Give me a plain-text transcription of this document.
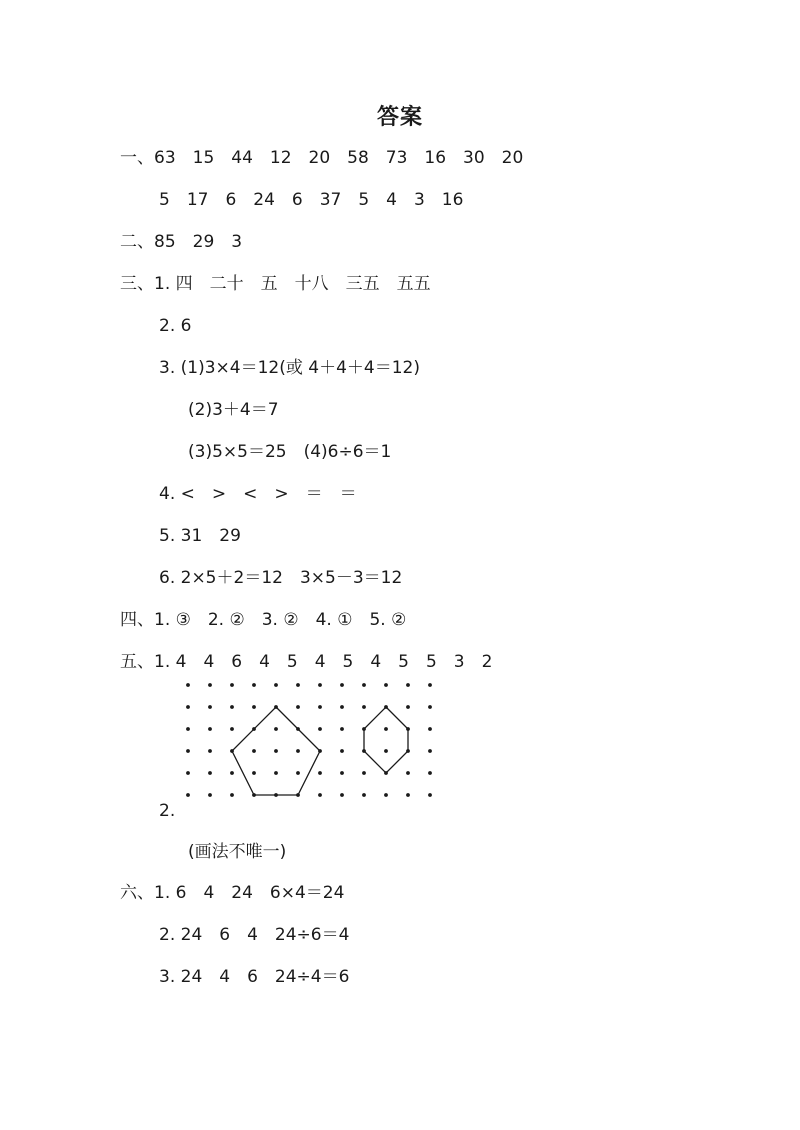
答案
一、63　15　44　12　20　58　73　16　30　20
5　17　6　24　6　37　5　4　3　16
二、85　29　3
三、1. 四　二十　五　十八　三五　五五
2. 6
3. (1)3×4＝12(或 4＋4＋4＝12)
(2)3＋4＝7
(3)5×5＝25　(4)6÷6＝1
4. <　>　<　>　＝　＝
5. 31　29
6. 2×5＋2＝12　3×5－3＝12
四、1. ③　2. ②　3. ②　4. ①　5. ②
五、1. 4　4　6　4　5　4　5　4　5　5　3　2
2.
(画法不唯一)
六、1. 6　4　24　6×4＝24
2. 24　6　4　24÷6＝4
3. 24　4　6　24÷4＝6
